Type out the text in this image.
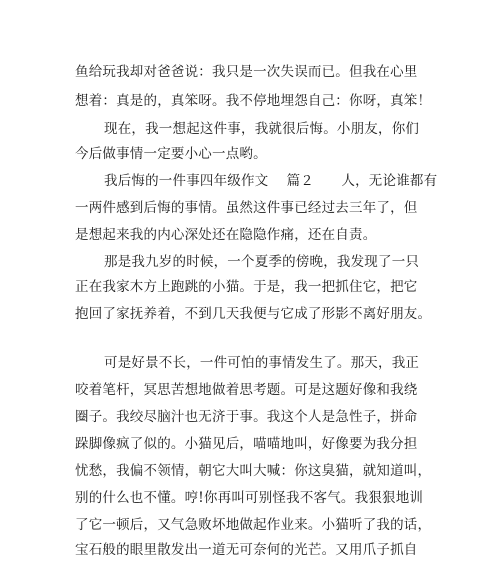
鱼给玩我却对爸爸说：我只是一次失误而已。但我在心里
想着：真是的，真笨呀。我不停地埋怨自己：你呀，真笨！
现在，我一想起这件事，我就很后悔。小朋友，你们
今后做事情一定要小心一点哟。
我后悔的一件事四年级作文　 篇２　　人，无论谁都有
一两件感到后悔的事情。虽然这件事已经过去三年了，但
是想起来我的内心深处还在隐隐作痛，还在自责。
那是我九岁的时候，一个夏季的傍晚，我发现了一只
正在我家木方上跑跳的小猫。于是，我一把抓住它，把它
抱回了家抚养着，不到几天我便与它成了形影不离好朋友。
可是好景不长，一件可怕的事情发生了。那天，我正
咬着笔杆，冥思苦想地做着思考题。可是这题好像和我绕
圈子。我绞尽脑汁也无济于事。我这个人是急性子，拼命
跺脚像疯了似的。小猫见后，喵喵地叫，好像要为我分担
忧愁，我偏不领情，朝它大叫大喊：你这臭猫，就知道叫，
别的什么也不懂。哼!你再叫可别怪我不客气。我狠狠地训
了它一顿后，又气急败坏地做起作业来。小猫听了我的话，
宝石般的眼里散发出一道无可奈何的光芒。又用爪子抓自
